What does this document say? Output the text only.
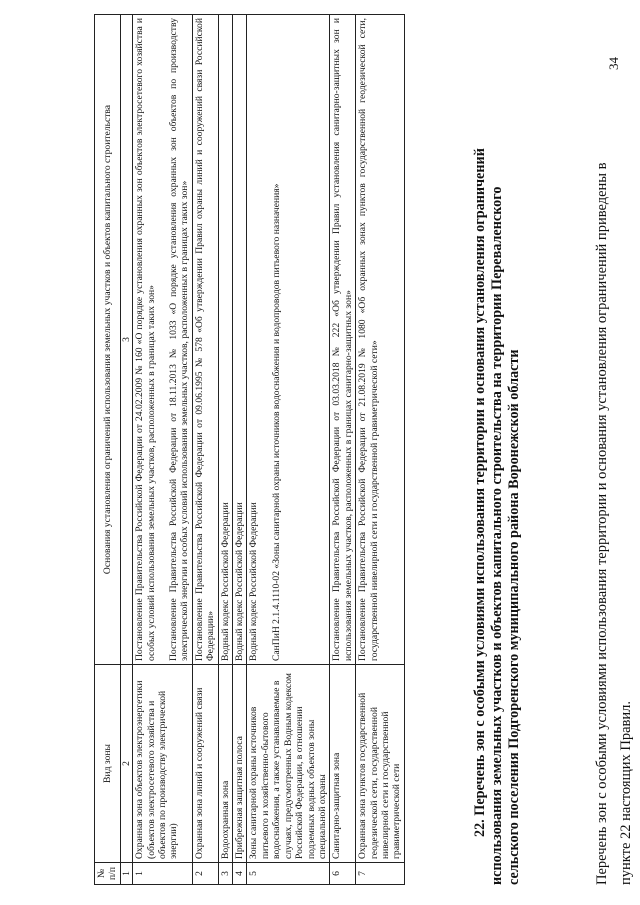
34
Перечень зон с особыми условиями использования территории и основания установления ограничений приведены в пункте 22 настоящих Правил.
22. Перечень зон с особыми условиями использования территории и основания установления ограничений использования земельных участков и объектов капитального строительства на территории Переваленского сельского поселения Подгоренского муниципального района Воронежской области
№ п/п	Вид зоны	Основания установления ограничений использования земельных участков и объектов капитального строительства
1	2	3
1	Охранная зона объектов электроэнергетики (объектов электросетевого хозяйства и объектов по производству электрической энергии)	Постановление Правительства Российской Федерации от 24.02.2009 № 160 «О порядке установления охранных зон объектов электросетевого хозяйства и особых условий использования земельных участков, расположенных в границах таких зон» Постановление Правительства Российской Федерации от 18.11.2013 № 1033 «О порядке установления охранных зон объектов по производству электрической энергии и особых условий использования земельных участков, расположенных в границах таких зон»

2	Охранная зона линий и сооружений связи	Постановление Правительства Российской Федерации от 09.06.1995 № 578 «Об утверждении Правил охраны линий и сооружений связи Российской Федерации»

3	Водоохранная зона	Водный кодекс Российской Федерации

4	Прибрежная защитная полоса	Водный кодекс Российской Федерации

5	Зоны санитарной охраны источников питьевого и хозяйственно-бытового водоснабжения, а также устанавливаемые в случаях, предусмотренных Водным кодексом Российской Федерации, в отношении подземных водных объектов зоны специальной охраны	Водный кодекс Российской Федерации СанПиН 2.1.4.1110-02 «Зоны санитарной охраны источников водоснабжения и водопроводов питьевого назначения»

6	Санитарно-защитная зона	Постановление Правительства Российской Федерации от 03.03.2018 № 222 «Об утверждении Правил установления санитарно-защитных зон и использования земельных участков, расположенных в границах санитарно-защитных зон»

7	Охранная зона пунктов государственной геодезической сети, государственной нивелирной сети и государственной гравиметрической сети	Постановление Правительства Российской Федерации от 21.08.2019 № 1080 «Об охранных зонах пунктов государственной геодезической сети, государственной нивелирной сети и государственной гравиметрической сети»
